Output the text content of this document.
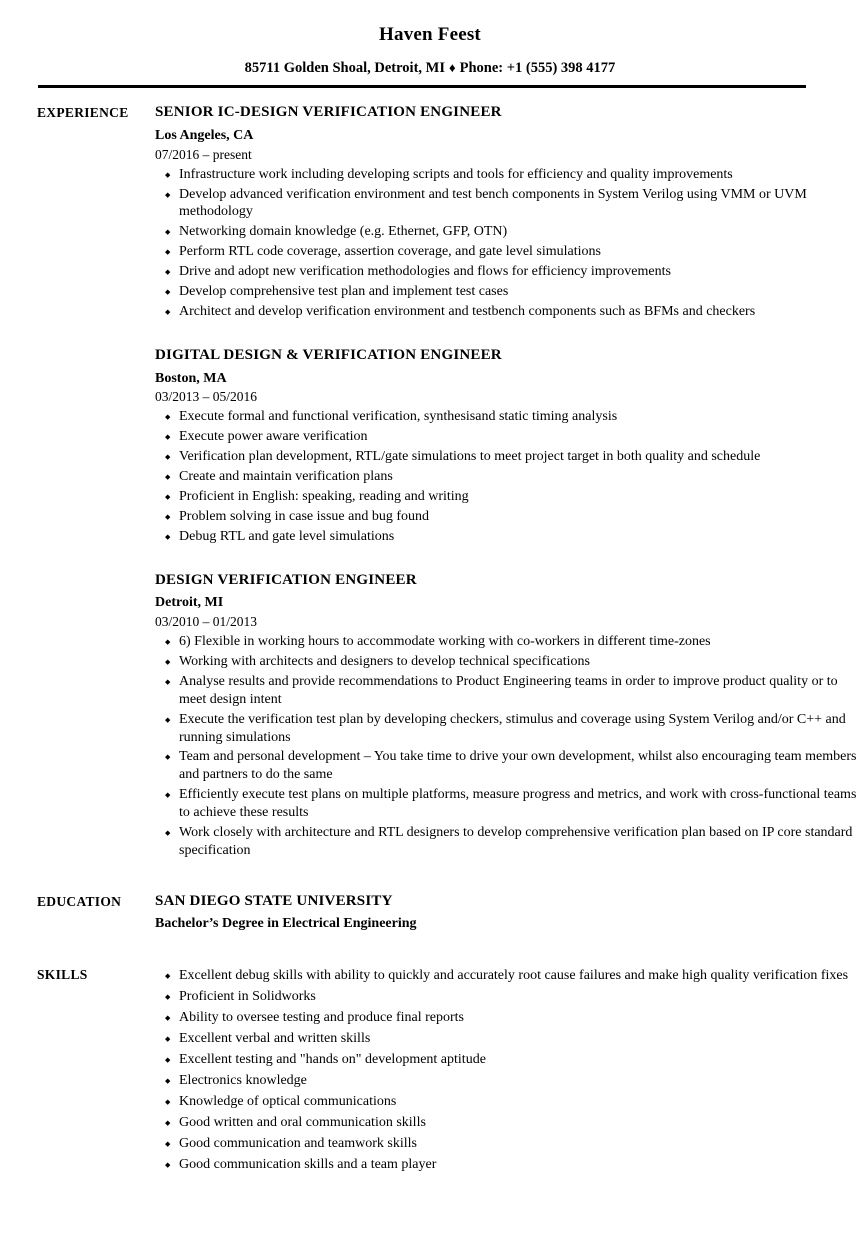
Haven Feest
85711 Golden Shoal, Detroit, MI ♦ Phone: +1 (555) 398 4177
EXPERIENCE	SENIOR IC-DESIGN VERIFICATION ENGINEER
Los Angeles, CA
07/2016 – present
◆ Infrastructure work including developing scripts and tools for efficiency and quality improvements
◆ Develop advanced verification environment and test bench components in System Verilog using VMM or UVM methodology
◆ Networking domain knowledge (e.g. Ethernet, GFP, OTN)
◆ Perform RTL code coverage, assertion coverage, and gate level simulations
◆ Drive and adopt new verification methodologies and flows for efficiency improvements
◆ Develop comprehensive test plan and implement test cases
◆ Architect and develop verification environment and testbench components such as BFMs and checkers
DIGITAL DESIGN & VERIFICATION ENGINEER
Boston, MA
03/2013 – 05/2016
◆ Execute formal and functional verification, synthesisand static timing analysis
◆ Execute power aware verification
◆ Verification plan development, RTL/gate simulations to meet project target in both quality and schedule
◆ Create and maintain verification plans
◆ Proficient in English: speaking, reading and writing
◆ Problem solving in case issue and bug found
◆ Debug RTL and gate level simulations
DESIGN VERIFICATION ENGINEER
Detroit, MI
03/2010 – 01/2013
◆ 6) Flexible in working hours to accommodate working with co-workers in different time-zones
◆ Working with architects and designers to develop technical specifications
◆ Analyse results and provide recommendations to Product Engineering teams in order to improve product quality or to meet design intent
◆ Execute the verification test plan by developing checkers, stimulus and coverage using System Verilog and/or C++ and running simulations
◆ Team and personal development – You take time to drive your own development, whilst also encouraging team members and partners to do the same
◆ Efficiently execute test plans on multiple platforms, measure progress and metrics, and work with cross-functional teams to achieve these results
◆ Work closely with architecture and RTL designers to develop comprehensive verification plan based on IP core standard specification
EDUCATION	SAN DIEGO STATE UNIVERSITY
Bachelor’s Degree in Electrical Engineering
SKILLS	◆ Excellent debug skills with ability to quickly and accurately root cause failures and make high quality verification fixes
◆ Proficient in Solidworks
◆ Ability to oversee testing and produce final reports
◆ Excellent verbal and written skills
◆ Excellent testing and "hands on" development aptitude
◆ Electronics knowledge
◆ Knowledge of optical communications
◆ Good written and oral communication skills
◆ Good communication and teamwork skills
◆ Good communication skills and a team player
